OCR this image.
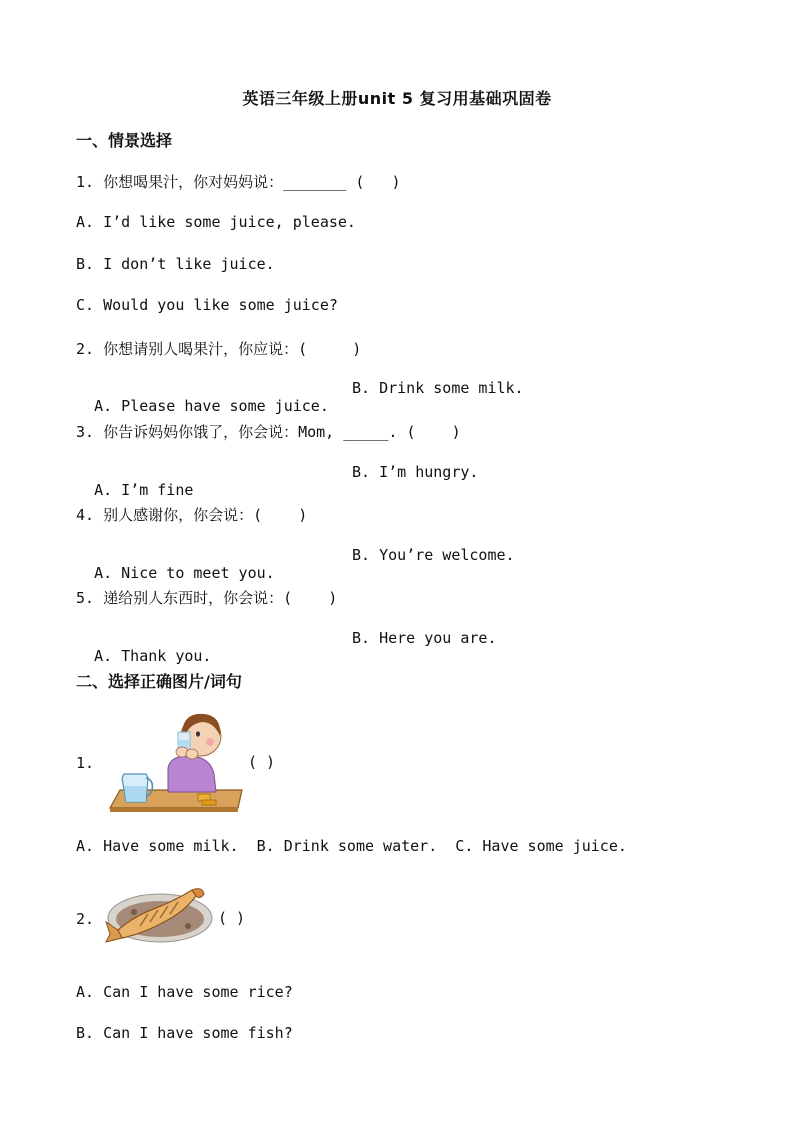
英语三年级上册unit 5 复习用基础巩固卷
一、情景选择
1. 你想喝果汁，你对妈妈说：_______ (   )
A. I’d like some juice, please.
B. I don’t like juice.
C. Would you like some juice?
2. 你想请别人喝果汁，你应说：(     )

A. Please have some juice.

B. Drink some milk.

3. 你告诉妈妈你饿了，你会说：Mom, _____. (    )

A. I’m fine

B. I’m hungry.

4. 别人感谢你，你会说：(    )

A. Nice to meet you.

B. You’re welcome.

5. 递给别人东西时，你会说：(    )

A. Thank you.

B. Here you are.

二、选择正确图片/词句
1.	( )
A. Have some milk.  B. Drink some water.  C. Have some juice.
2.	( )
A. Can I have some rice?
B. Can I have some fish?
